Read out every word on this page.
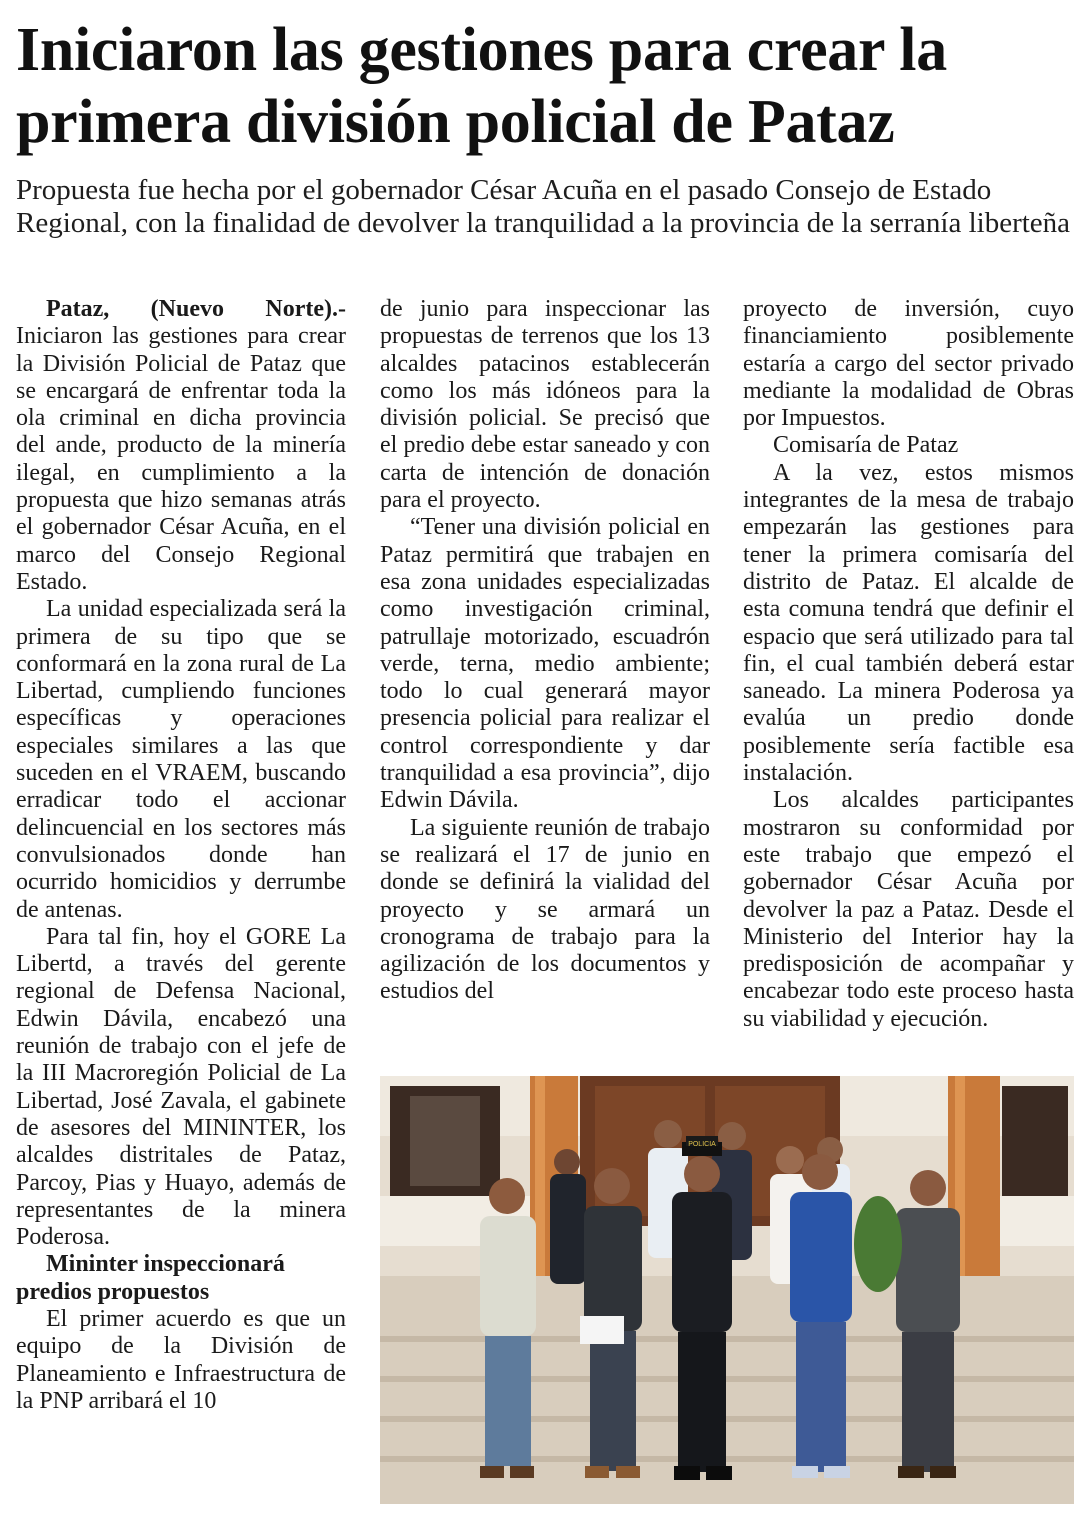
Iniciaron las gestiones para crear la primera división policial de Pataz

Propuesta fue hecha por el gobernador César Acuña en el pasado Consejo de Estado Regional, con la finalidad de devolver la tranquilidad a la provincia de la serranía liberteña

Pataz, (Nuevo Norte).- Iniciaron las gestiones para crear la División Policial de Pataz que se encargará de enfrentar toda la ola criminal en dicha provincia del ande, producto de la minería ilegal, en cumplimiento a la propuesta que hizo semanas atrás el gobernador César Acuña, en el marco del Consejo Regional Estado.

La unidad especializada será la primera de su tipo que se conformará en la zona rural de La Libertad, cumpliendo funciones específicas y operaciones especiales similares a las que suceden en el VRAEM, buscando erradicar todo el accionar delincuencial en los sectores más convulsionados donde han ocurrido homicidios y derrumbe de antenas.

Para tal fin, hoy el GORE La Libertd, a través del gerente regional de Defensa Nacional, Edwin Dávila, encabezó una reunión de trabajo con el jefe de la III Macroregión Policial de La Libertad, José Zavala, el gabinete de asesores del MININTER, los alcaldes distritales de Pataz, Parcoy, Pias y Huayo, además de representantes de la minera Poderosa.

Mininter inspeccionará predios propuestos

El primer acuerdo es que un equipo de la División de Planeamiento e Infraestructura de la PNP arribará el 10

de junio para inspeccionar las propuestas de terrenos que los 13 alcaldes patacinos establecerán como los más idóneos para la división policial. Se precisó que el predio debe estar saneado y con carta de intención de donación para el proyecto.

“Tener una división policial en Pataz permitirá que trabajen en esa zona unidades especializadas como investigación criminal, patrullaje motorizado, escuadrón verde, terna, medio ambiente; todo lo cual generará mayor presencia policial para realizar el control correspondiente y dar tranquilidad a esa provincia”, dijo Edwin Dávila.

La siguiente reunión de trabajo se realizará el 17 de junio en donde se definirá la vialidad del proyecto y se armará un cronograma de trabajo para la agilización de los documentos y estudios del

proyecto de inversión, cuyo financiamiento posiblemente estaría a cargo del sector privado mediante la modalidad de Obras por Impuestos.

Comisaría de Pataz

A la vez, estos mismos integrantes de la mesa de trabajo empezarán las gestiones para tener la primera comisaría del distrito de Pataz. El alcalde de esta comuna tendrá que definir el espacio que será utilizado para tal fin, el cual también deberá estar saneado. La minera Poderosa ya evalúa un predio donde posiblemente sería factible esa instalación.

Los alcaldes participantes mostraron su conformidad por este trabajo que empezó el gobernador César Acuña por devolver la paz a Pataz. Desde el Ministerio del Interior hay la predisposición de acompañar y encabezar todo este proceso hasta su viabilidad y ejecución.

POLICIA
